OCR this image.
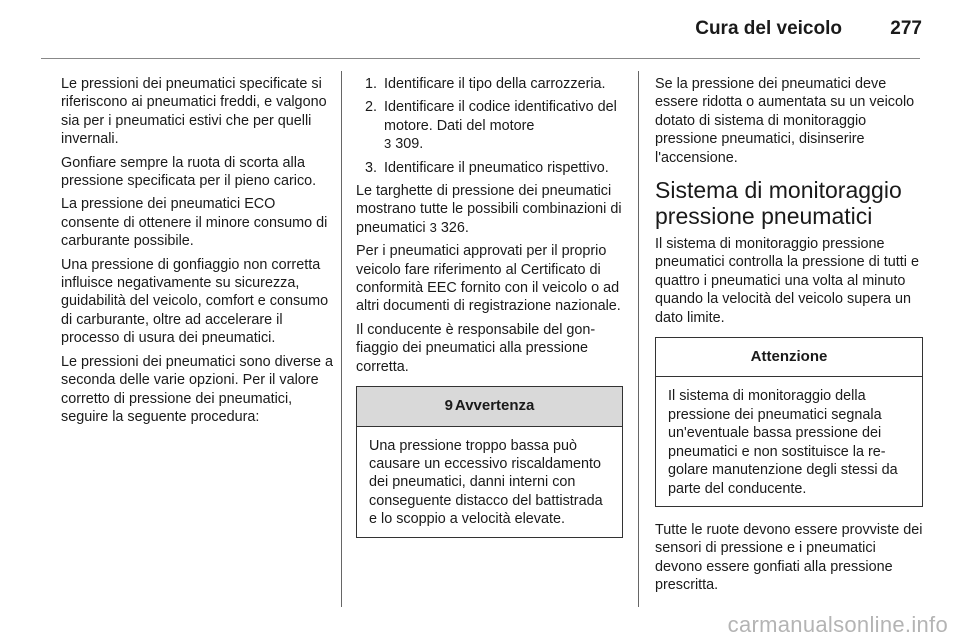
Cura del veicolo	277

Le pressioni dei pneumatici specificate si riferiscono ai pneumatici freddi, e valgono sia per i pneumatici estivi che per quelli invernali.

Gonfiare sempre la ruota di scorta alla pressione specificata per il pieno carico.

La pressione dei pneumatici ECO consente di ottenere il minore consumo di carburante possibile.

Una pressione di gonfiaggio non corretta influisce negativamente su sicurezza, guidabilità del veicolo, comfort e consumo di carburante, oltre ad accelerare il processo di usura dei pneumatici.

Le pressioni dei pneumatici sono diverse a seconda delle varie opzioni. Per il valore corretto di pressione dei pneumatici, seguire la seguente procedura:

1. Identificare il tipo della carrozzeria.
2. Identificare il codice identificativo del motore. Dati del motore
3 309.
3. Identificare il pneumatico rispettivo.

Le targhette di pressione dei pneumatici mostrano tutte le possibili combinazioni di pneumatici 3 326.

Per i pneumatici approvati per il proprio veicolo fare riferimento al Certificato di conformità EEC fornito con il veicolo o ad altri documenti di registrazione nazionale.

Il conducente è responsabile del gonfiaggio dei pneumatici alla pressione corretta.

9 Avvertenza
Una pressione troppo bassa può causare un eccessivo riscaldamento dei pneumatici, danni interni con conseguente distacco del battistrada e lo scoppio a velocità elevate.

Se la pressione dei pneumatici deve essere ridotta o aumentata su un veicolo dotato di sistema di monitoraggio pressione pneumatici, disinserire l'accensione.

Sistema di monitoraggio pressione pneumatici

Il sistema di monitoraggio pressione pneumatici controlla la pressione di tutti e quattro i pneumatici una volta al minuto quando la velocità del veicolo supera un dato limite.

Attenzione
Il sistema di monitoraggio della pressione dei pneumatici segnala un'eventuale bassa pressione dei pneumatici e non sostituisce la regolare manutenzione degli stessi da parte del conducente.

Tutte le ruote devono essere provviste dei sensori di pressione e i pneumatici devono essere gonfiati alla pressione prescritta.

carmanualsonline.info
